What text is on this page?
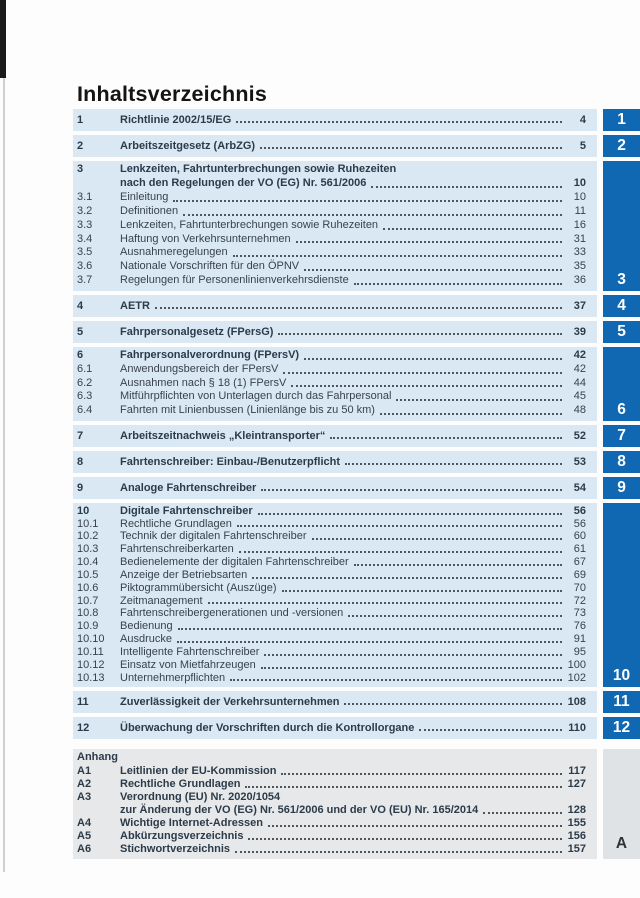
Inhaltsverzeichnis
1	Richtlinie 2002/15/EG	4 1
2	Arbeitszeitgesetz (ArbZG)	5 2
3	Lenkzeiten, Fahrtunterbrechungen sowie Ruhezeiten
nach den Regelungen der VO (EG) Nr. 561/2006	10
3.1	Einleitung	10
3.2	Definitionen	11
3.3	Lenkzeiten, Fahrtunterbrechungen sowie Ruhezeiten	16
3.4	Haftung von Verkehrsunternehmen	31
3.5	Ausnahmeregelungen	33
3.6	Nationale Vorschriften für den ÖPNV	35
3.7	Regelungen für Personenlinienverkehrsdienste	36 3
4	AETR	37 4
5	Fahrpersonalgesetz (FPersG)	39 5
6	Fahrpersonalverordnung (FPersV)	42
6.1	Anwendungsbereich der FPersV	42
6.2	Ausnahmen nach § 18 (1) FPersV	44
6.3	Mitführpflichten von Unterlagen durch das Fahrpersonal	45
6.4	Fahrten mit Linienbussen (Linienlänge bis zu 50 km)	48 6
7	Arbeitszeitnachweis „Kleintransporter“	52 7
8	Fahrtenschreiber: Einbau-/Benutzerpflicht	53 8
9	Analoge Fahrtenschreiber	54 9
10	Digitale Fahrtenschreiber	56
10.1	Rechtliche Grundlagen	56
10.2	Technik der digitalen Fahrtenschreiber	60
10.3	Fahrtenschreiberkarten	61
10.4	Bedienelemente der digitalen Fahrtenschreiber	67
10.5	Anzeige der Betriebsarten	69
10.6	Piktogrammübersicht (Auszüge)	70
10.7	Zeitmanagement	72
10.8	Fahrtenschreibergenerationen und -versionen	73
10.9	Bedienung	76
10.10	Ausdrucke	91
10.11	Intelligente Fahrtenschreiber	95
10.12	Einsatz von Mietfahrzeugen	100
10.13	Unternehmerpflichten	102 10
11	Zuverlässigkeit der Verkehrsunternehmen	108 11
12	Überwachung der Vorschriften durch die Kontrollorgane	110 12
Anhang
A1	Leitlinien der EU-Kommission	117
A2	Rechtliche Grundlagen	127
A3	Verordnung (EU) Nr. 2020/1054
zur Änderung der VO (EG) Nr. 561/2006 und der VO (EU) Nr. 165/2014	128
A4	Wichtige Internet-Adressen	155
A5	Abkürzungsverzeichnis	156
A6	Stichwortverzeichnis	157 A
